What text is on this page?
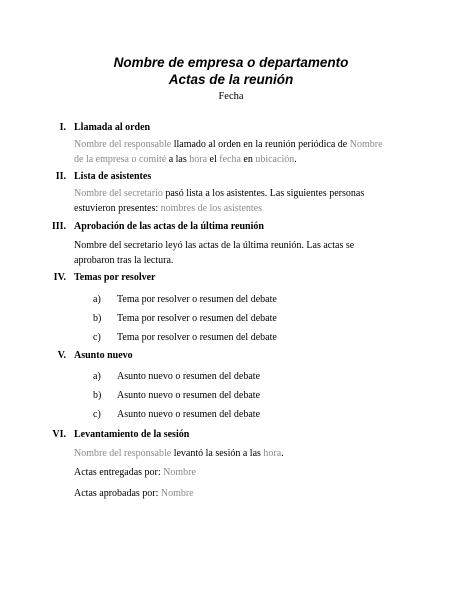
Nombre de empresa o departamento
Actas de la reunión
Fecha
I. Llamada al orden
Nombre del responsable llamado al orden en la reunión periódica de Nombre de la empresa o comité a las hora el fecha en ubicación.
II. Lista de asistentes
Nombre del secretario pasó lista a los asistentes. Las siguientes personas estuvieron presentes: nombres de los asistentes
III. Aprobación de las actas de la última reunión
Nombre del secretario leyó las actas de la última reunión. Las actas se aprobaron tras la lectura.
IV. Temas por resolver
a) Tema por resolver o resumen del debate
b) Tema por resolver o resumen del debate
c) Tema por resolver o resumen del debate
V. Asunto nuevo
a) Asunto nuevo o resumen del debate
b) Asunto nuevo o resumen del debate
c) Asunto nuevo o resumen del debate
VI. Levantamiento de la sesión
Nombre del responsable levantó la sesión a las hora.
Actas entregadas por: Nombre
Actas aprobadas por: Nombre
